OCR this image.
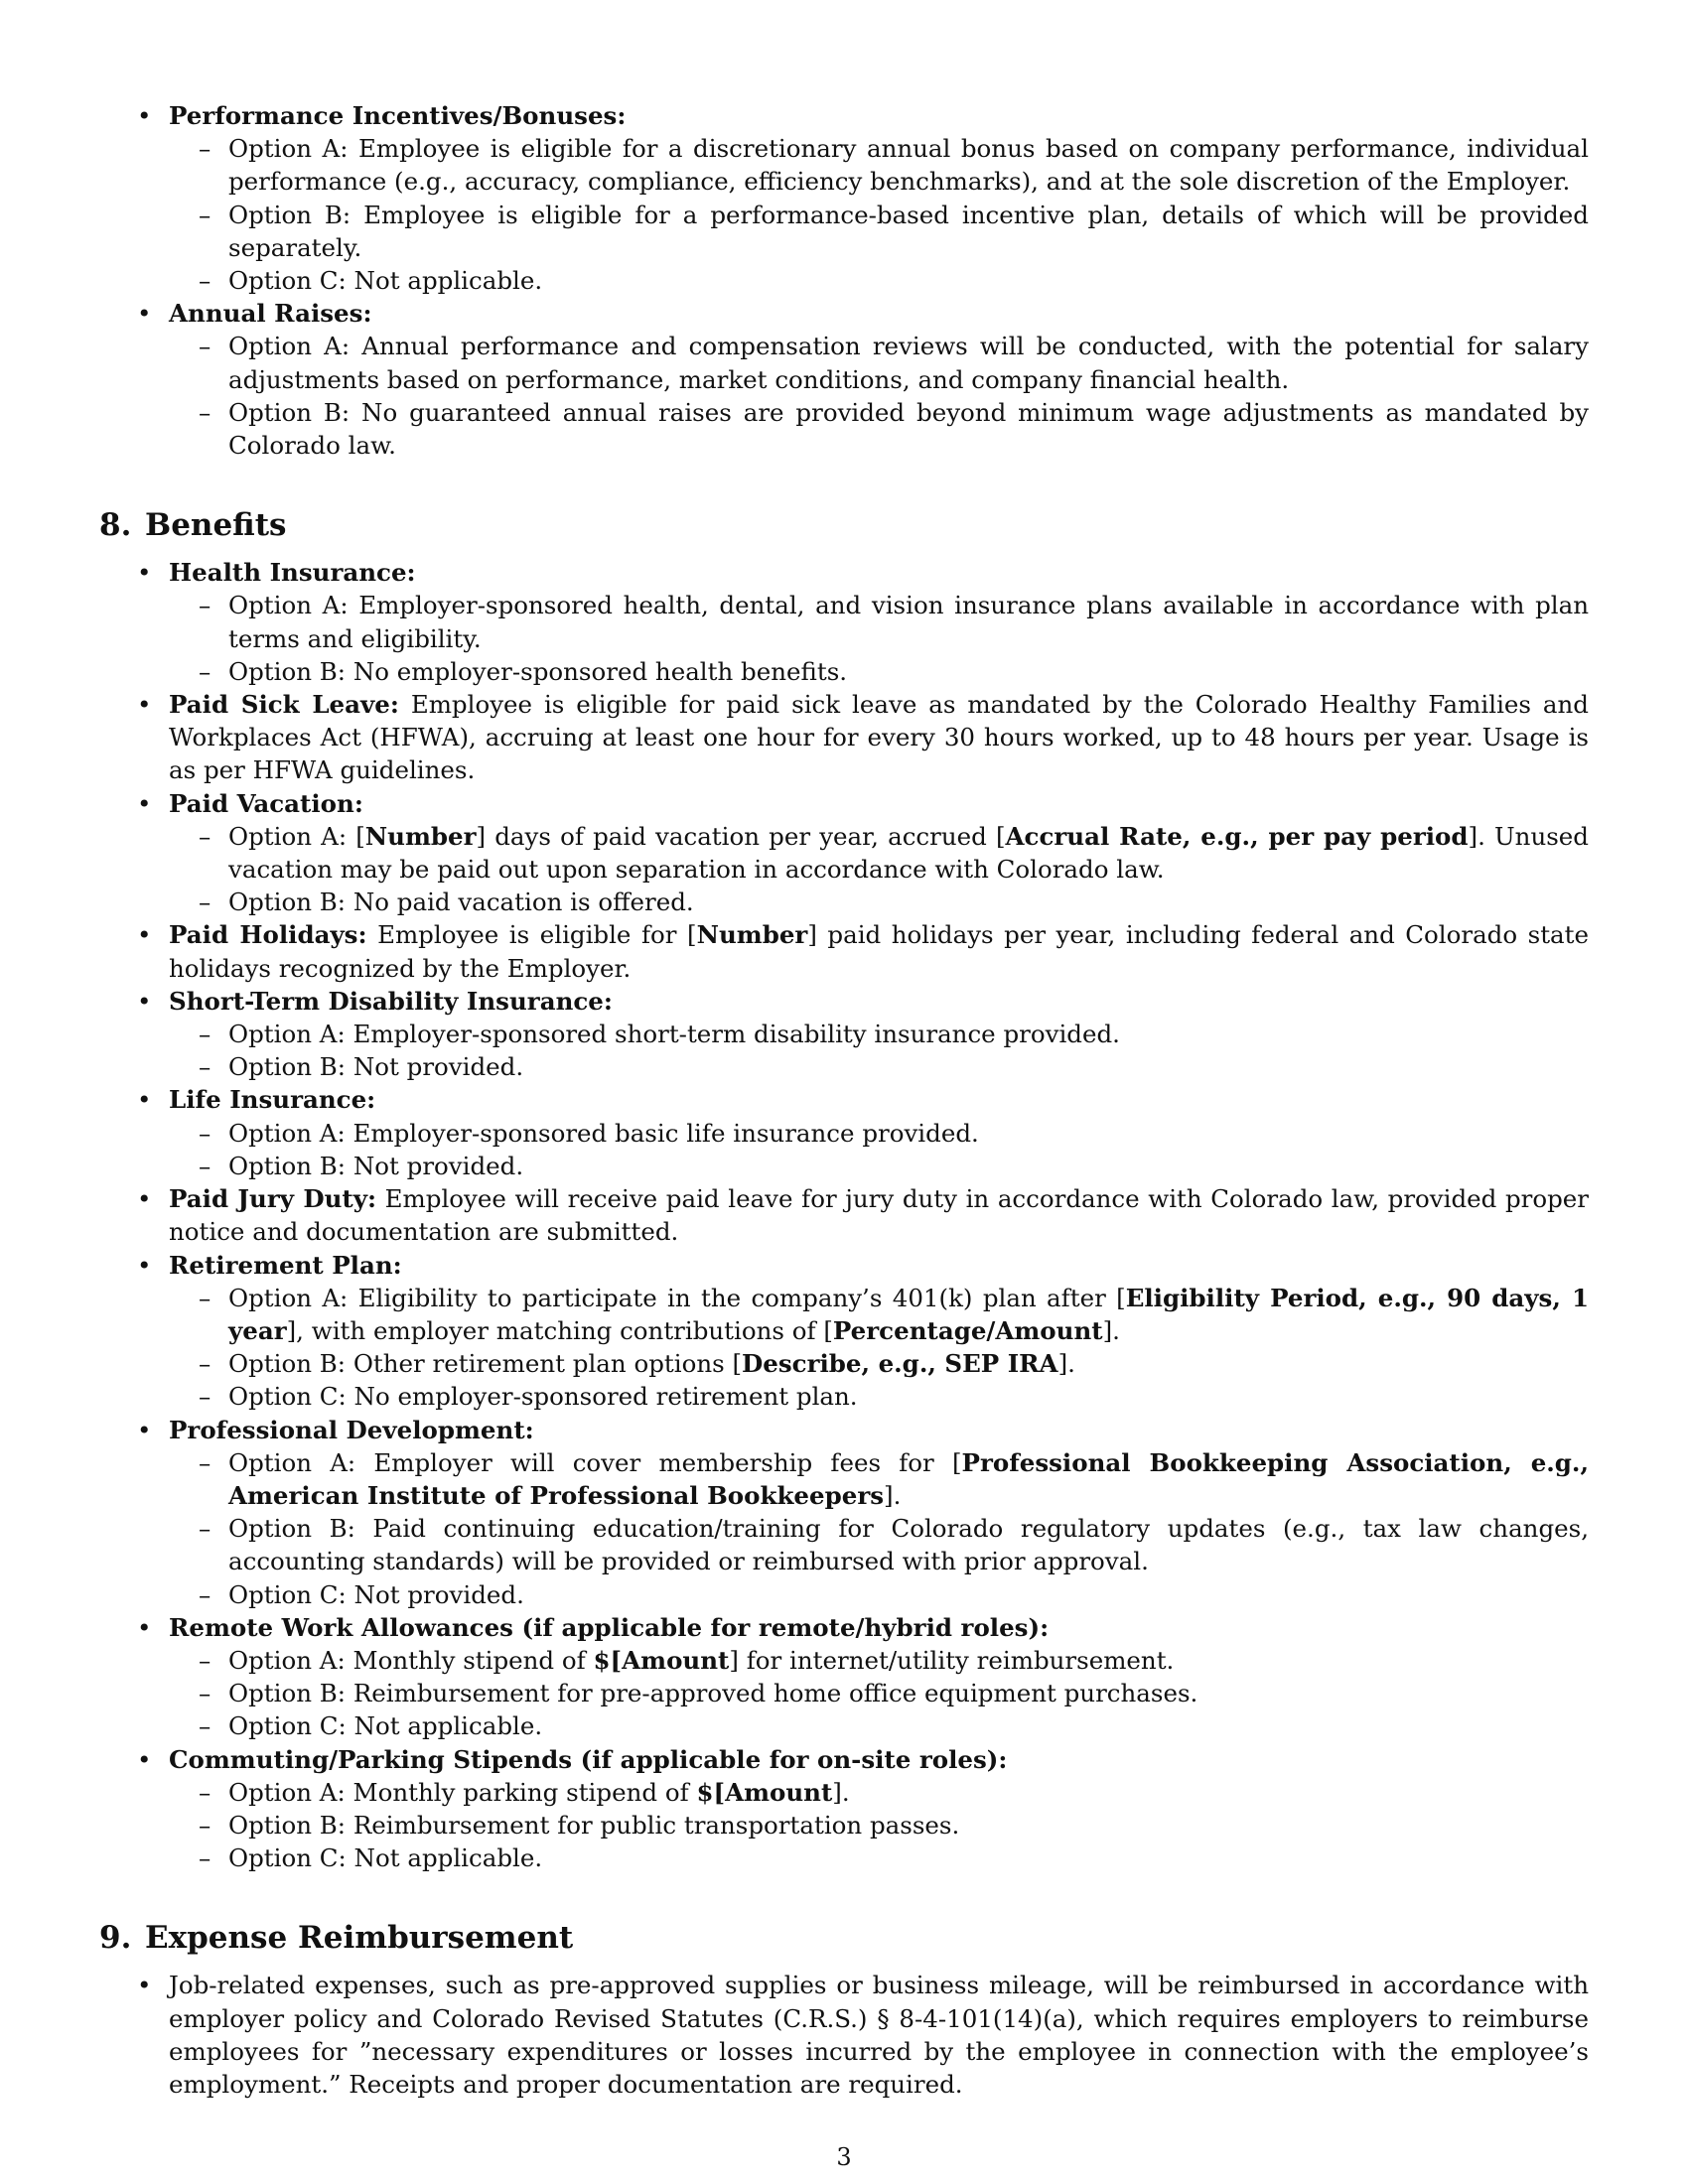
• Performance Incentives/Bonuses:
– Option A: Employee is eligible for a discretionary annual bonus based on company performance, individual performance (e.g., accuracy, compliance, efficiency benchmarks), and at the sole discretion of the Employer.
– Option B: Employee is eligible for a performance-based incentive plan, details of which will be provided separately.
– Option C: Not applicable.
• Annual Raises:
– Option A: Annual performance and compensation reviews will be conducted, with the potential for salary adjustments based on performance, market conditions, and company financial health.
– Option B: No guaranteed annual raises are provided beyond minimum wage adjustments as mandated by Colorado law.
8. Benefits
• Health Insurance:
– Option A: Employer-sponsored health, dental, and vision insurance plans available in accordance with plan terms and eligibility.
– Option B: No employer-sponsored health benefits.
• Paid Sick Leave: Employee is eligible for paid sick leave as mandated by the Colorado Healthy Families and Workplaces Act (HFWA), accruing at least one hour for every 30 hours worked, up to 48 hours per year. Usage is as per HFWA guidelines.
• Paid Vacation:
– Option A: [Number] days of paid vacation per year, accrued [Accrual Rate, e.g., per pay period]. Unused vacation may be paid out upon separation in accordance with Colorado law.
– Option B: No paid vacation is offered.
• Paid Holidays: Employee is eligible for [Number] paid holidays per year, including federal and Colorado state holidays recognized by the Employer.
• Short-Term Disability Insurance:
– Option A: Employer-sponsored short-term disability insurance provided.
– Option B: Not provided.
• Life Insurance:
– Option A: Employer-sponsored basic life insurance provided.
– Option B: Not provided.
• Paid Jury Duty: Employee will receive paid leave for jury duty in accordance with Colorado law, provided proper notice and documentation are submitted.
• Retirement Plan:
– Option A: Eligibility to participate in the company’s 401(k) plan after [Eligibility Period, e.g., 90 days, 1 year], with employer matching contributions of [Percentage/Amount].
– Option B: Other retirement plan options [Describe, e.g., SEP IRA].
– Option C: No employer-sponsored retirement plan.
• Professional Development:
– Option A: Employer will cover membership fees for [Professional Bookkeeping Association, e.g., American Institute of Professional Bookkeepers].
– Option B: Paid continuing education/training for Colorado regulatory updates (e.g., tax law changes, accounting standards) will be provided or reimbursed with prior approval.
– Option C: Not provided.
• Remote Work Allowances (if applicable for remote/hybrid roles):
– Option A: Monthly stipend of $[Amount] for internet/utility reimbursement.
– Option B: Reimbursement for pre-approved home office equipment purchases.
– Option C: Not applicable.
• Commuting/Parking Stipends (if applicable for on-site roles):
– Option A: Monthly parking stipend of $[Amount].
– Option B: Reimbursement for public transportation passes.
– Option C: Not applicable.
9. Expense Reimbursement
• Job-related expenses, such as pre-approved supplies or business mileage, will be reimbursed in accordance with employer policy and Colorado Revised Statutes (C.R.S.) § 8-4-101(14)(a), which requires employers to reimburse employees for ”necessary expenditures or losses incurred by the employee in connection with the employee’s employment.” Receipts and proper documentation are required.
3
